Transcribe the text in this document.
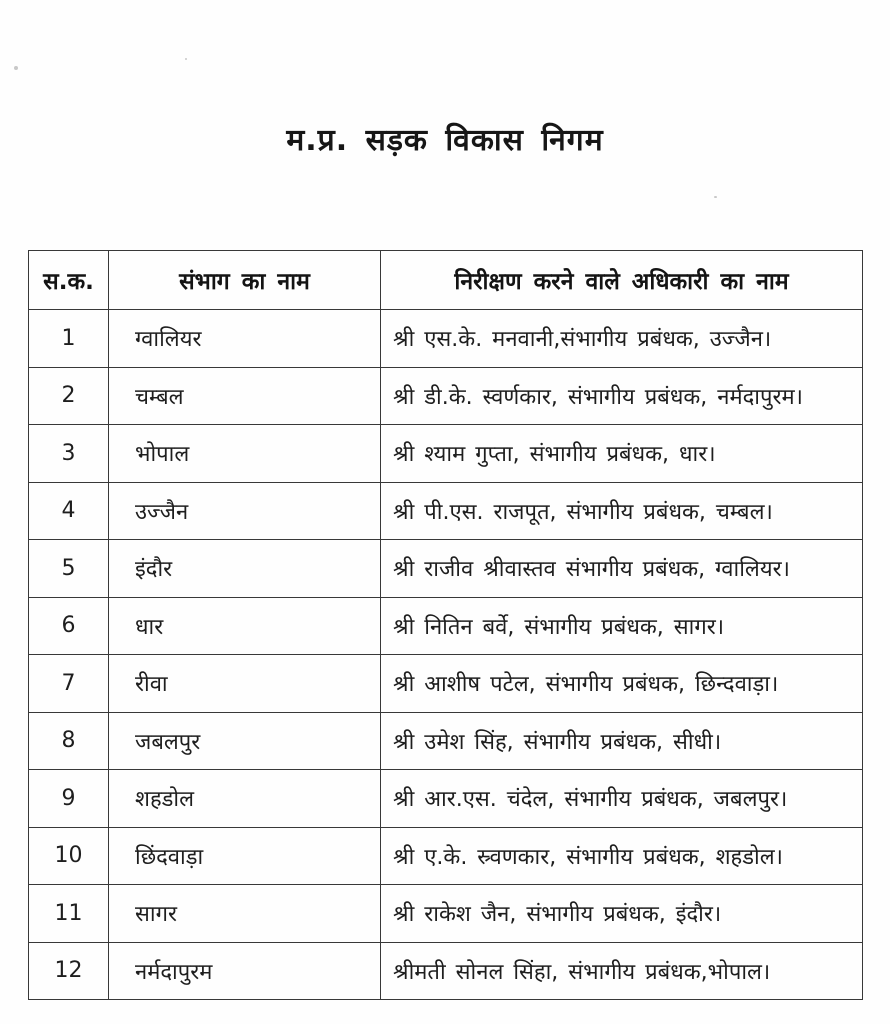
म.प्र. सड़क विकास निगम
स.क.	संभाग का नाम	निरीक्षण करने वाले अधिकारी का नाम
1	ग्वालियर	श्री एस.के. मनवानी,संभागीय प्रबंधक, उज्जैन।
2	चम्बल	श्री डी.के. स्वर्णकार, संभागीय प्रबंधक, नर्मदापुरम।
3	भोपाल	श्री श्याम गुप्ता, संभागीय प्रबंधक, धार।
4	उज्जैन	श्री पी.एस. राजपूत, संभागीय प्रबंधक, चम्बल।
5	इंदौर	श्री राजीव श्रीवास्तव संभागीय प्रबंधक, ग्वालियर।
6	धार	श्री नितिन बर्वे, संभागीय प्रबंधक, सागर।
7	रीवा	श्री आशीष पटेल, संभागीय प्रबंधक, छिन्दवाड़ा।
8	जबलपुर	श्री उमेश सिंह, संभागीय प्रबंधक, सीधी।
9	शहडोल	श्री आर.एस. चंदेल, संभागीय प्रबंधक, जबलपुर।
10	छिंदवाड़ा	श्री ए.के. स्र्वणकार, संभागीय प्रबंधक, शहडोल।
11	सागर	श्री राकेश जैन, संभागीय प्रबंधक, इंदौर।
12	नर्मदापुरम	श्रीमती सोनल सिंहा, संभागीय प्रबंधक,भोपाल।
